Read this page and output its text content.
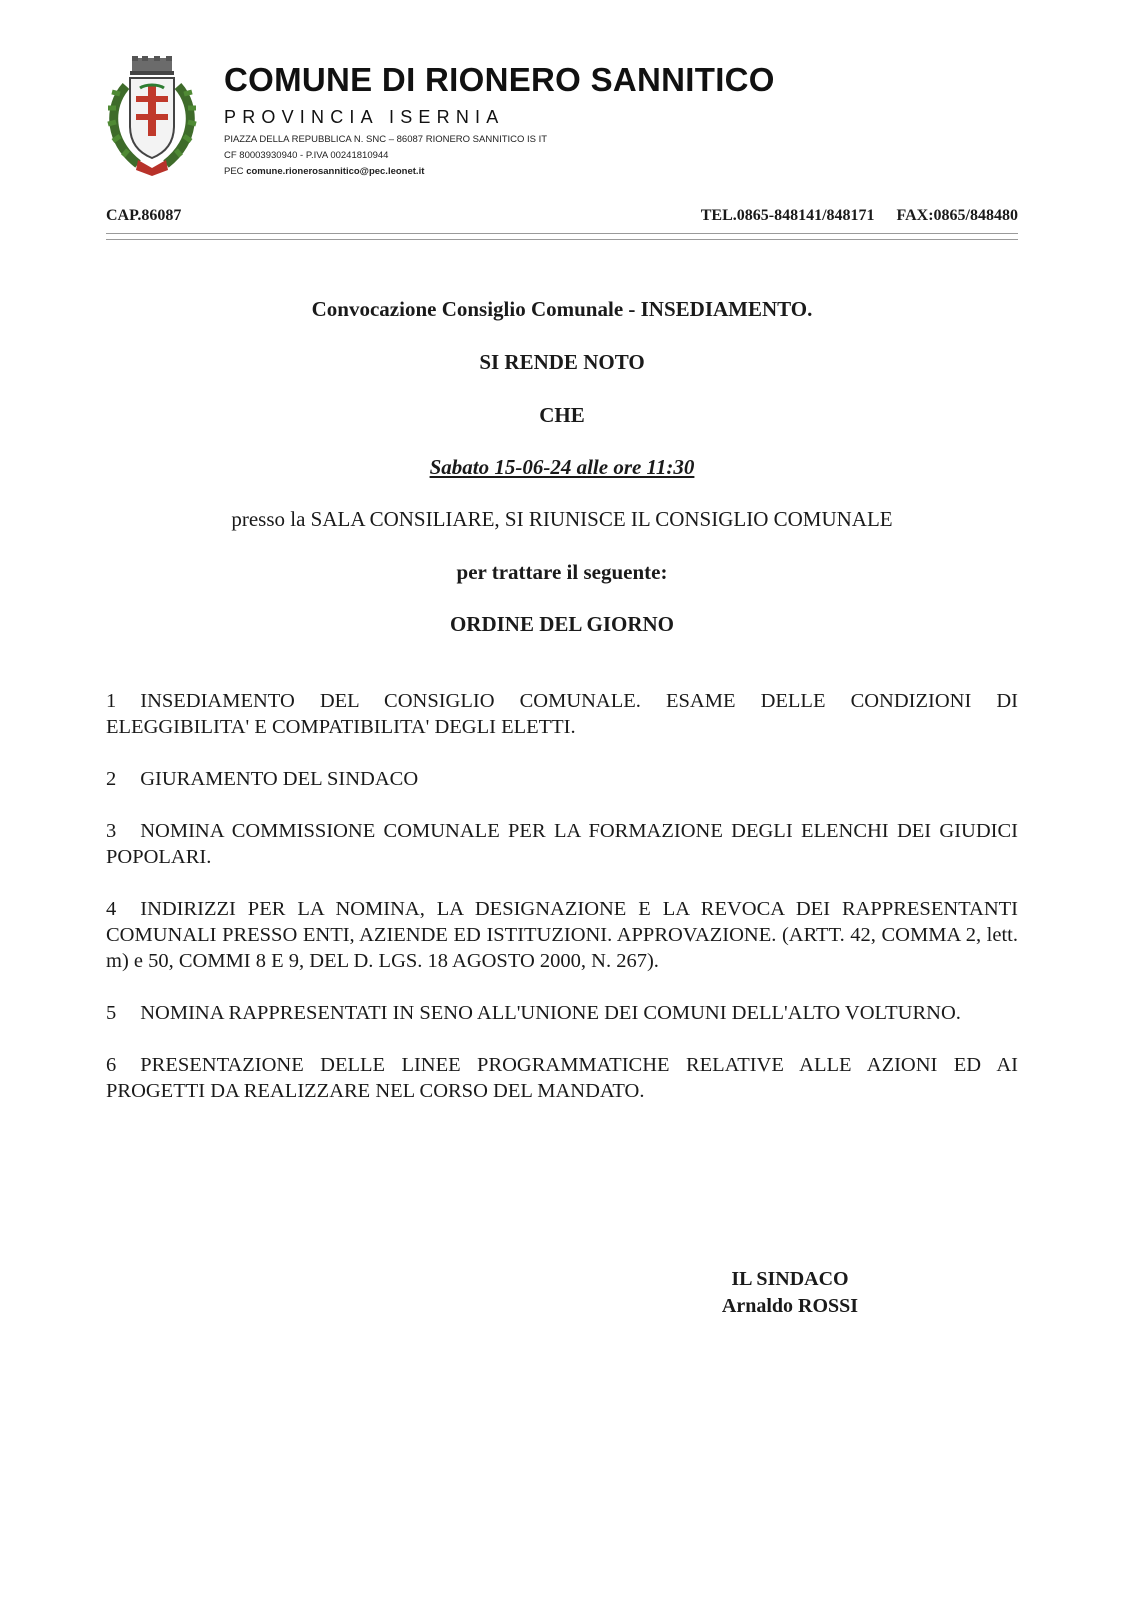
COMUNE DI RIONERO SANNITICO
PROVINCIA ISERNIA
PIAZZA DELLA REPUBBLICA N. SNC – 86087 RIONERO SANNITICO IS IT
CF 80003930940 - P.IVA 00241810944
PEC comune.rionerosannitico@pec.leonet.it
CAP.86087	TEL.0865-848141/848171 FAX:0865/848480
Convocazione Consiglio Comunale - INSEDIAMENTO.
SI RENDE NOTO
CHE
Sabato 15-06-24 alle ore 11:30
presso la SALA CONSILIARE, SI RIUNISCE IL CONSIGLIO COMUNALE
per trattare il seguente:
ORDINE DEL GIORNO
1 INSEDIAMENTO DEL CONSIGLIO COMUNALE. ESAME DELLE CONDIZIONI DI ELEGGIBILITA' E COMPATIBILITA' DEGLI ELETTI.
2 GIURAMENTO DEL SINDACO
3 NOMINA COMMISSIONE COMUNALE PER LA FORMAZIONE DEGLI ELENCHI DEI GIUDICI POPOLARI.
4 INDIRIZZI PER LA NOMINA, LA DESIGNAZIONE E LA REVOCA DEI RAPPRESENTANTI COMUNALI PRESSO ENTI, AZIENDE ED ISTITUZIONI. APPROVAZIONE. (ARTT. 42, COMMA 2, lett. m) e 50, COMMI 8 E 9, DEL D. LGS. 18 AGOSTO 2000, N. 267).
5 NOMINA RAPPRESENTATI IN SENO ALL'UNIONE DEI COMUNI DELL'ALTO VOLTURNO.
6 PRESENTAZIONE DELLE LINEE PROGRAMMATICHE RELATIVE ALLE AZIONI ED AI PROGETTI DA REALIZZARE NEL CORSO DEL MANDATO.
IL SINDACO
Arnaldo ROSSI
